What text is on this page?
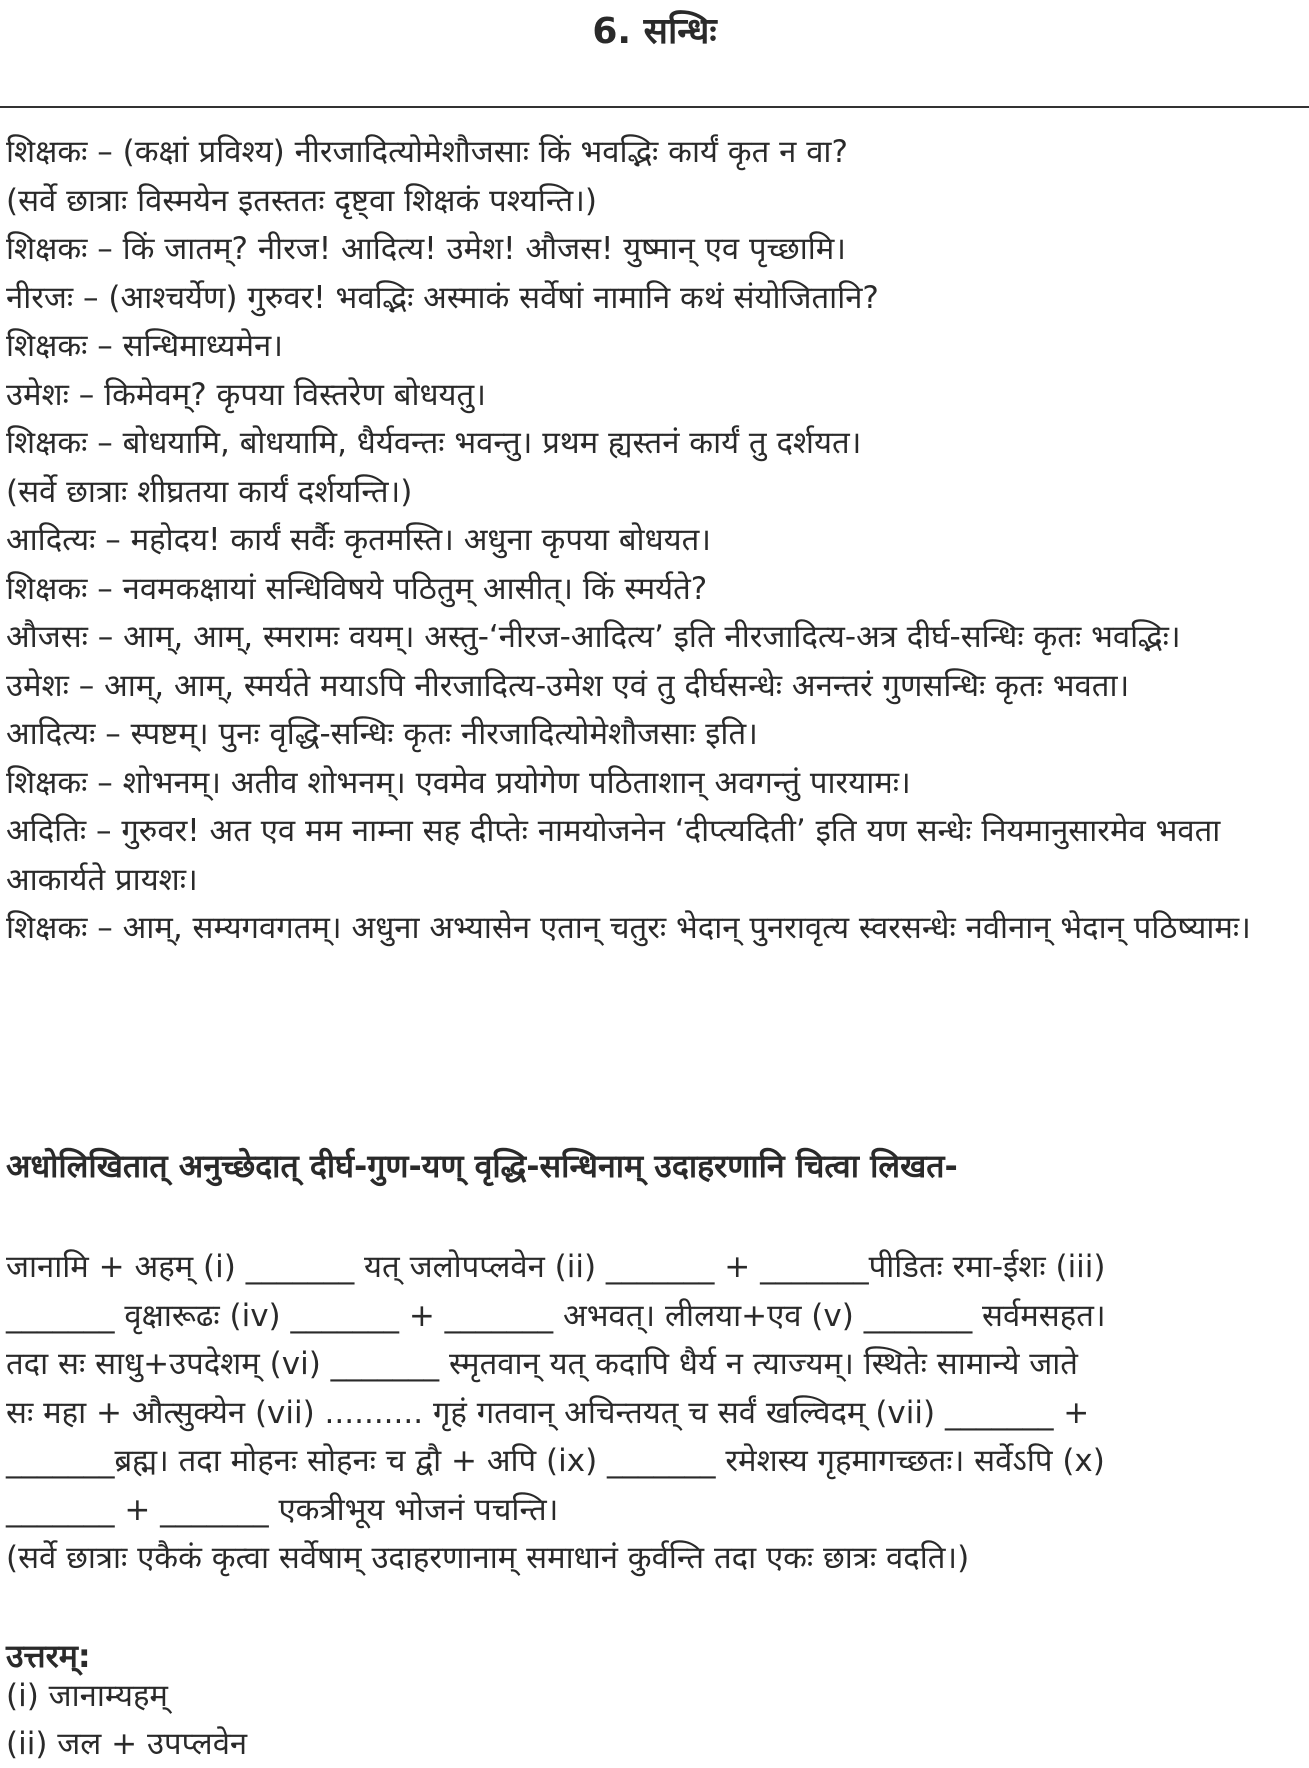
6. सन्धिः
शिक्षकः – (कक्षां प्रविश्य) नीरजादित्योमेशौजसाः किं भवद्भिः कार्यं कृत न वा?
(सर्वे छात्राः विस्मयेन इतस्ततः दृष्ट्वा शिक्षकं पश्यन्ति।)
शिक्षकः – किं जातम्? नीरज! आदित्य! उमेश! औजस! युष्मान् एव पृच्छामि।
नीरजः – (आश्चर्येण) गुरुवर! भवद्भिः अस्माकं सर्वेषां नामानि कथं संयोजितानि?
शिक्षकः – सन्धिमाध्यमेन।
उमेशः – किमेवम्? कृपया विस्तरेण बोधयतु।
शिक्षकः – बोधयामि, बोधयामि, धैर्यवन्तः भवन्तु। प्रथम ह्यस्तनं कार्यं तु दर्शयत।
(सर्वे छात्राः शीघ्रतया कार्यं दर्शयन्ति।)
आदित्यः – महोदय! कार्यं सर्वैः कृतमस्ति। अधुना कृपया बोधयत।
शिक्षकः – नवमकक्षायां सन्धिविषये पठितुम् आसीत्। किं स्मर्यते?
औजसः – आम्, आम्, स्मरामः वयम्। अस्तु-‘नीरज-आदित्य’ इति नीरजादित्य-अत्र दीर्घ-सन्धिः कृतः भवद्भिः।
उमेशः – आम्, आम्, स्मर्यते मयाऽपि नीरजादित्य-उमेश एवं तु दीर्घसन्धेः अनन्तरं गुणसन्धिः कृतः भवता।
आदित्यः – स्पष्टम्। पुनः वृद्धि-सन्धिः कृतः नीरजादित्योमेशौजसाः इति।
शिक्षकः – शोभनम्। अतीव शोभनम्। एवमेव प्रयोगेण पठिताशान् अवगन्तुं पारयामः।
अदितिः – गुरुवर! अत एव मम नाम्ना सह दीप्तेः नामयोजनेन ‘दीप्त्यदिती’ इति यण सन्धेः नियमानुसारमेव भवता आकार्यते प्रायशः।
शिक्षकः – आम्, सम्यगवगतम्। अधुना अभ्यासेन एतान् चतुरः भेदान् पुनरावृत्य स्वरसन्धेः नवीनान् भेदान् पठिष्यामः।
अधोलिखितात् अनुच्छेदात् दीर्घ-गुण-यण् वृद्धि-सन्धिनाम् उदाहरणानि चित्वा लिखत-
जानामि + अहम् (i) _______ यत् जलोपप्लवेन (ii) _______ + _______पीडितः रमा-ईशः (iii)
_______ वृक्षारूढः (iv) _______ + _______ अभवत्। लीलया+एव (v) _______ सर्वमसहत।
तदा सः साधु+उपदेशम् (vi) _______ स्मृतवान् यत् कदापि धैर्य न त्याज्यम्। स्थितेः सामान्ये जाते
सः महा + औत्सुक्येन (vii) .......... गृहं गतवान् अचिन्तयत् च सर्वं खल्विदम् (vii) _______ +
_______ब्रह्म। तदा मोहनः सोहनः च द्वौ + अपि (ix) _______ रमेशस्य गृहमागच्छतः। सर्वेऽपि (x)
_______ + _______ एकत्रीभूय भोजनं पचन्ति।
(सर्वे छात्राः एकैकं कृत्वा सर्वेषाम् उदाहरणानाम् समाधानं कुर्वन्ति तदा एकः छात्रः वदति।)
उत्तरम्:
(i) जानाम्यहम्
(ii) जल + उपप्लवेन
